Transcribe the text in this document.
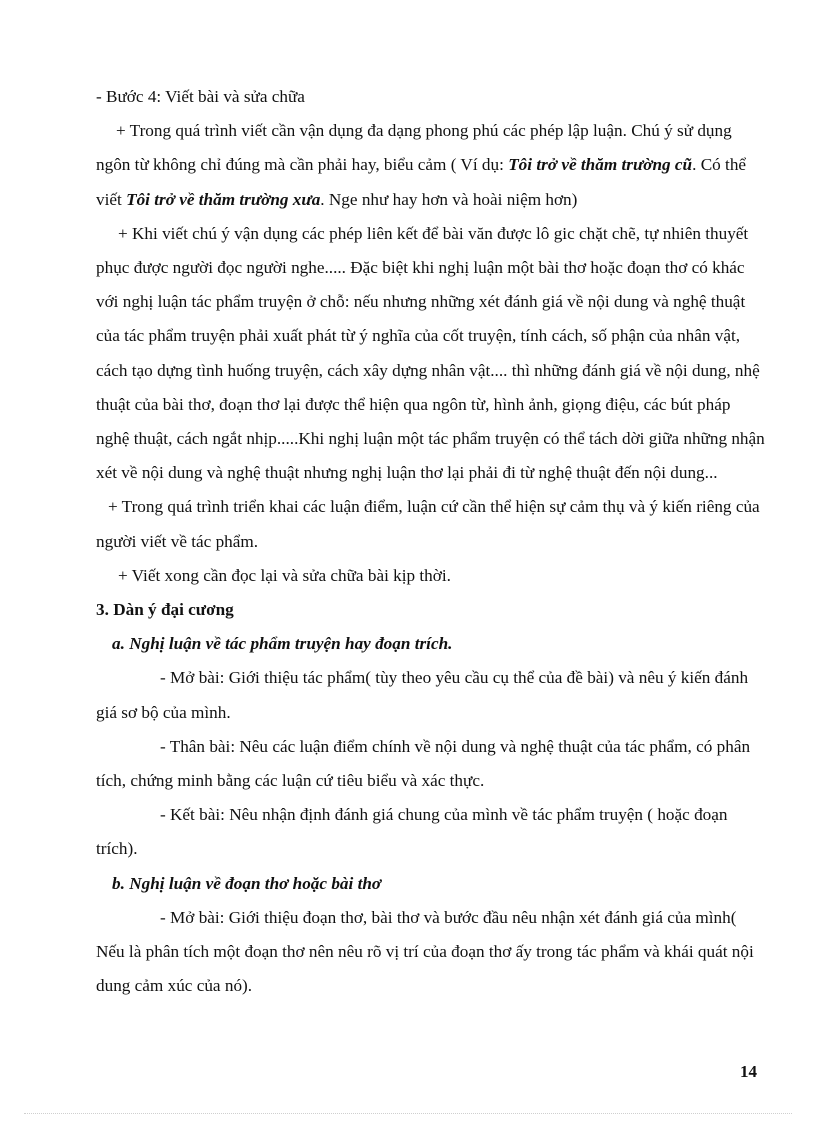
- Bước 4: Viết bài và sửa chữa

+ Trong quá trình viết cần vận dụng đa dạng phong phú các phép lập luận. Chú ý sử dụng ngôn từ không chỉ đúng mà cần phải hay, biểu cảm ( Ví dụ: Tôi trở về thăm trường cũ. Có thể viết Tôi trở về thăm trường xưa. Nge như hay hơn và hoài niệm hơn)

+ Khi viết chú ý vận dụng các phép liên kết để bài văn được lô gic chặt chẽ, tự nhiên thuyết phục được người đọc người nghe..... Đặc biệt khi nghị luận một bài thơ hoặc đoạn thơ có khác với nghị luận tác phẩm truyện ở chỗ: nếu nhưng những xét đánh giá về nội dung và nghệ thuật của tác phẩm truyện phải xuất phát từ ý nghĩa của cốt truyện, tính cách, số phận của nhân vật, cách tạo dựng tình huống truyện, cách xây dựng nhân vật.... thì những đánh giá về nội dung, nhệ thuật của bài thơ, đoạn thơ lại được thể hiện qua ngôn từ, hình ảnh, giọng điệu, các bút pháp nghệ thuật, cách ngắt nhịp.....Khi nghị luận một tác phẩm truyện có thể tách dời giữa những nhận xét về nội dung và nghệ thuật nhưng nghị luận thơ lại phải đi từ nghệ thuật đến nội dung...

+ Trong quá trình triển khai các luận điểm, luận cứ cần thể hiện sự cảm thụ và ý kiến riêng của người viết về tác phẩm.

+ Viết xong cần đọc lại và sửa chữa bài kịp thời.

3. Dàn ý đại cương

a. Nghị luận về tác phẩm truyện hay đoạn trích.

- Mở bài: Giới thiệu tác phẩm( tùy theo yêu cầu cụ thể của đề bài) và nêu ý kiến đánh giá sơ bộ của mình.

- Thân bài: Nêu các luận điểm chính về nội dung và nghệ thuật của tác phẩm, có phân tích, chứng minh bằng các luận cứ tiêu biểu và xác thực.

- Kết bài: Nêu nhận định đánh giá chung của mình về tác phẩm truyện ( hoặc đoạn trích).

b. Nghị luận về đoạn thơ hoặc bài thơ

- Mở bài: Giới thiệu đoạn thơ, bài thơ và bước đầu nêu nhận xét đánh giá của mình( Nếu là phân tích một đoạn thơ nên nêu rõ vị trí của đoạn thơ ấy trong tác phẩm và khái quát nội dung cảm xúc của nó).

14
